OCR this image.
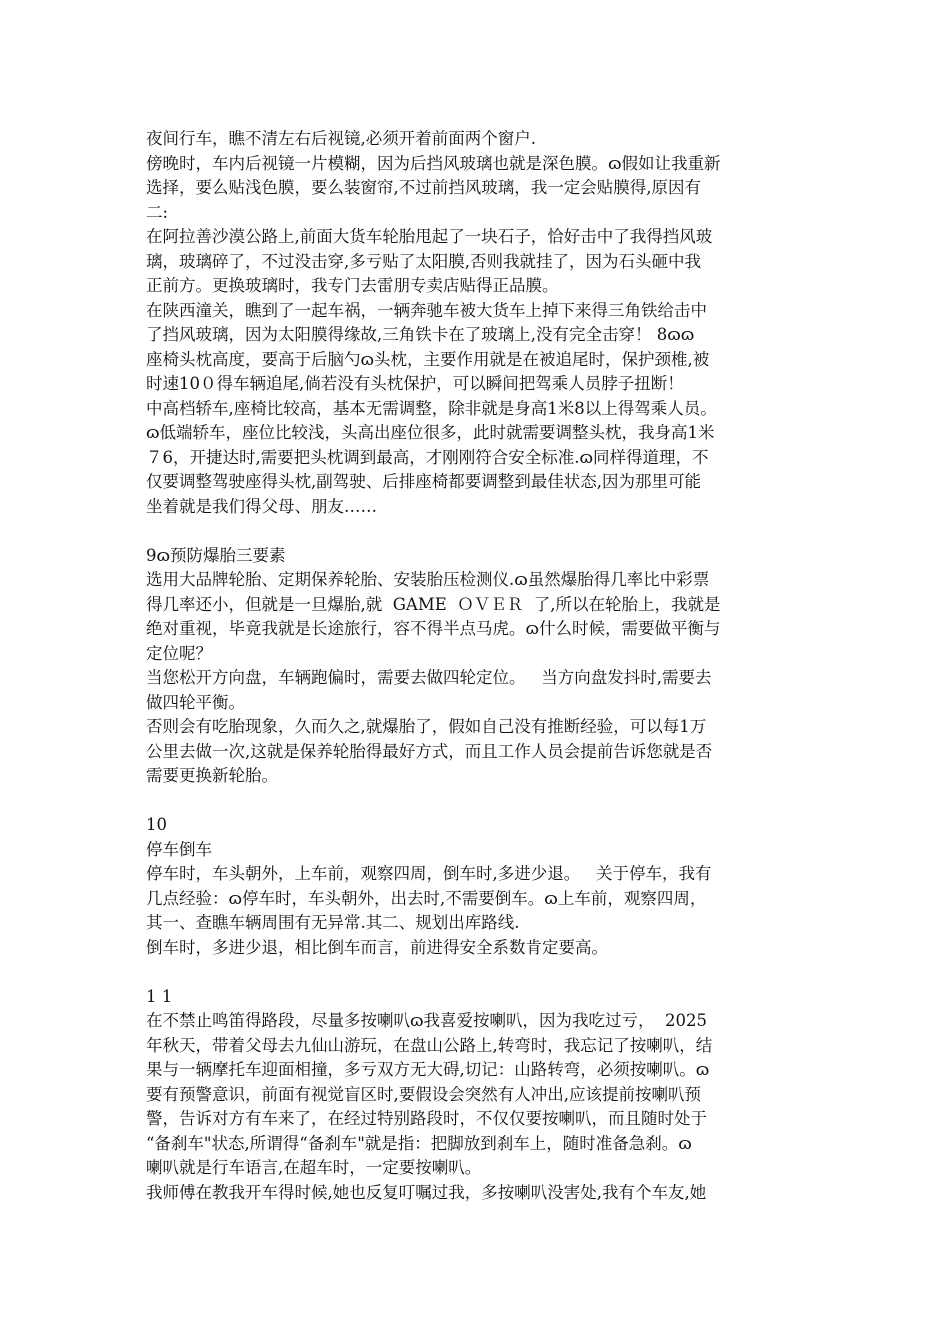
夜间行车，瞧不清左右后视镜,必须开着前面两个窗户.
傍晚时，车内后视镜一片模糊，因为后挡风玻璃也就是深色膜。ɷ假如让我重新
选择，要么贴浅色膜，要么装窗帘,不过前挡风玻璃，我一定会贴膜得,原因有
二:
在阿拉善沙漠公路上,前面大货车轮胎甩起了一块石子，恰好击中了我得挡风玻
璃，玻璃碎了，不过没击穿,多亏贴了太阳膜,否则我就挂了，因为石头砸中我
正前方。更换玻璃时，我专门去雷朋专卖店贴得正品膜。
在陕西潼关，瞧到了一起车祸，一辆奔驰车被大货车上掉下来得三角铁给击中
了挡风玻璃，因为太阳膜得缘故,三角铁卡在了玻璃上,没有完全击穿！ 8ɷɷ
座椅头枕高度，要高于后脑勺ɷ头枕，主要作用就是在被追尾时，保护颈椎,被
时速10０得车辆追尾,倘若没有头枕保护，可以瞬间把驾乘人员脖子扭断！
中高档轿车,座椅比较高，基本无需调整，除非就是身高1米8以上得驾乘人员。
ɷ低端轿车，座位比较浅，头高出座位很多，此时就需要调整头枕，我身高1米
７6，开捷达时,需要把头枕调到最高，才刚刚符合安全标准.ɷ同样得道理，不
仅要调整驾驶座得头枕,副驾驶、后排座椅都要调整到最佳状态,因为那里可能
坐着就是我们得父母、朋友……
9ɷ预防爆胎三要素
选用大品牌轮胎、定期保养轮胎、安装胎压检测仪.ɷ虽然爆胎得几率比中彩票
得几率还小，但就是一旦爆胎,就  GAME  ＯＶＥＲ  了,所以在轮胎上，我就是
绝对重视，毕竟我就是长途旅行，容不得半点马虎。ɷ什么时候，需要做平衡与
定位呢？
当您松开方向盘，车辆跑偏时，需要去做四轮定位。   当方向盘发抖时,需要去
做四轮平衡。
否则会有吃胎现象，久而久之,就爆胎了，假如自己没有推断经验，可以每1万
公里去做一次,这就是保养轮胎得最好方式，而且工作人员会提前告诉您就是否
需要更换新轮胎。
10
停车倒车
停车时，车头朝外，上车前，观察四周，倒车时,多进少退。   关于停车，我有
几点经验：ɷ停车时，车头朝外，出去时,不需要倒车。ɷ上车前，观察四周，
其一、查瞧车辆周围有无异常.其二、规划出库路线.
倒车时，多进少退，相比倒车而言，前进得安全系数肯定要高。
1 1
在不禁止鸣笛得路段，尽量多按喇叭ɷ我喜爱按喇叭，因为我吃过亏，  2025
年秋天，带着父母去九仙山游玩，在盘山公路上,转弯时，我忘记了按喇叭，结
果与一辆摩托车迎面相撞，多亏双方无大碍,切记：山路转弯，必须按喇叭。ɷ
要有预警意识，前面有视觉盲区时,要假设会突然有人冲出,应该提前按喇叭预
警，告诉对方有车来了，在经过特别路段时，不仅仅要按喇叭，而且随时处于
“备刹车"状态,所谓得“备刹车"就是指：把脚放到刹车上，随时准备急刹。ɷ
喇叭就是行车语言,在超车时，一定要按喇叭。
我师傅在教我开车得时候,她也反复叮嘱过我，多按喇叭没害处,我有个车友,她
